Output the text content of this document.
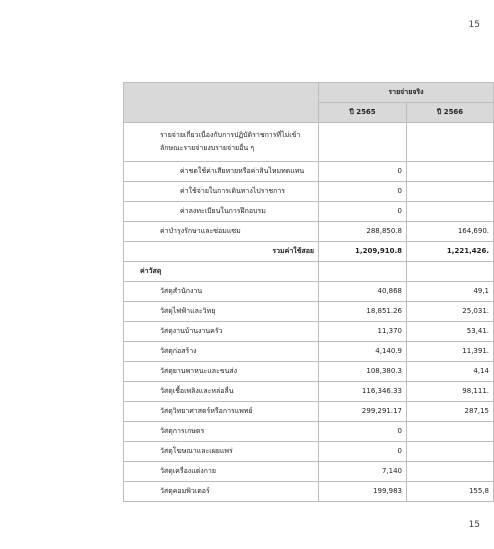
15
	รายจ่ายจริง	
	ปี 2565	ปี 2566
รายจ่ายเกี่ยวเนื่องกับการปฏิบัติราชการที่ไม่เข้าลักษณะรายจ่ายงบรายจ่ายอื่น ๆ		
ค่าชดใช้ค่าเสียหายหรือค่าสินไหมทดแทน	0	
ค่าใช้จ่ายในการเดินทางไปราชการ	0	
ค่าลงทะเบียนในการฝึกอบรม	0	
ค่าบำรุงรักษาและซ่อมแซม	288,850.8	164,690.
รวมค่าใช้สอย	1,209,910.8	1,221,426.
ค่าวัสดุ		
วัสดุสำนักงาน	40,868	49,1
วัสดุไฟฟ้าและวิทยุ	18,851.26	25,031.
วัสดุงานบ้านงานครัว	11,370	53,41.
วัสดุก่อสร้าง	4,140.9	11,391.
วัสดุยานพาหนะและขนส่ง	108,380.3	4,14
วัสดุเชื้อเพลิงและหล่อลื่น	116,346.33	98,111.
วัสดุวิทยาศาสตร์หรือการแพทย์	299,291.17	287,15
วัสดุการเกษตร	0	
วัสดุโฆษณาและเผยแพร่	0	
วัสดุเครื่องแต่งกาย	7,140	
วัสดุคอมพิวเตอร์	199,983	155,8
15
